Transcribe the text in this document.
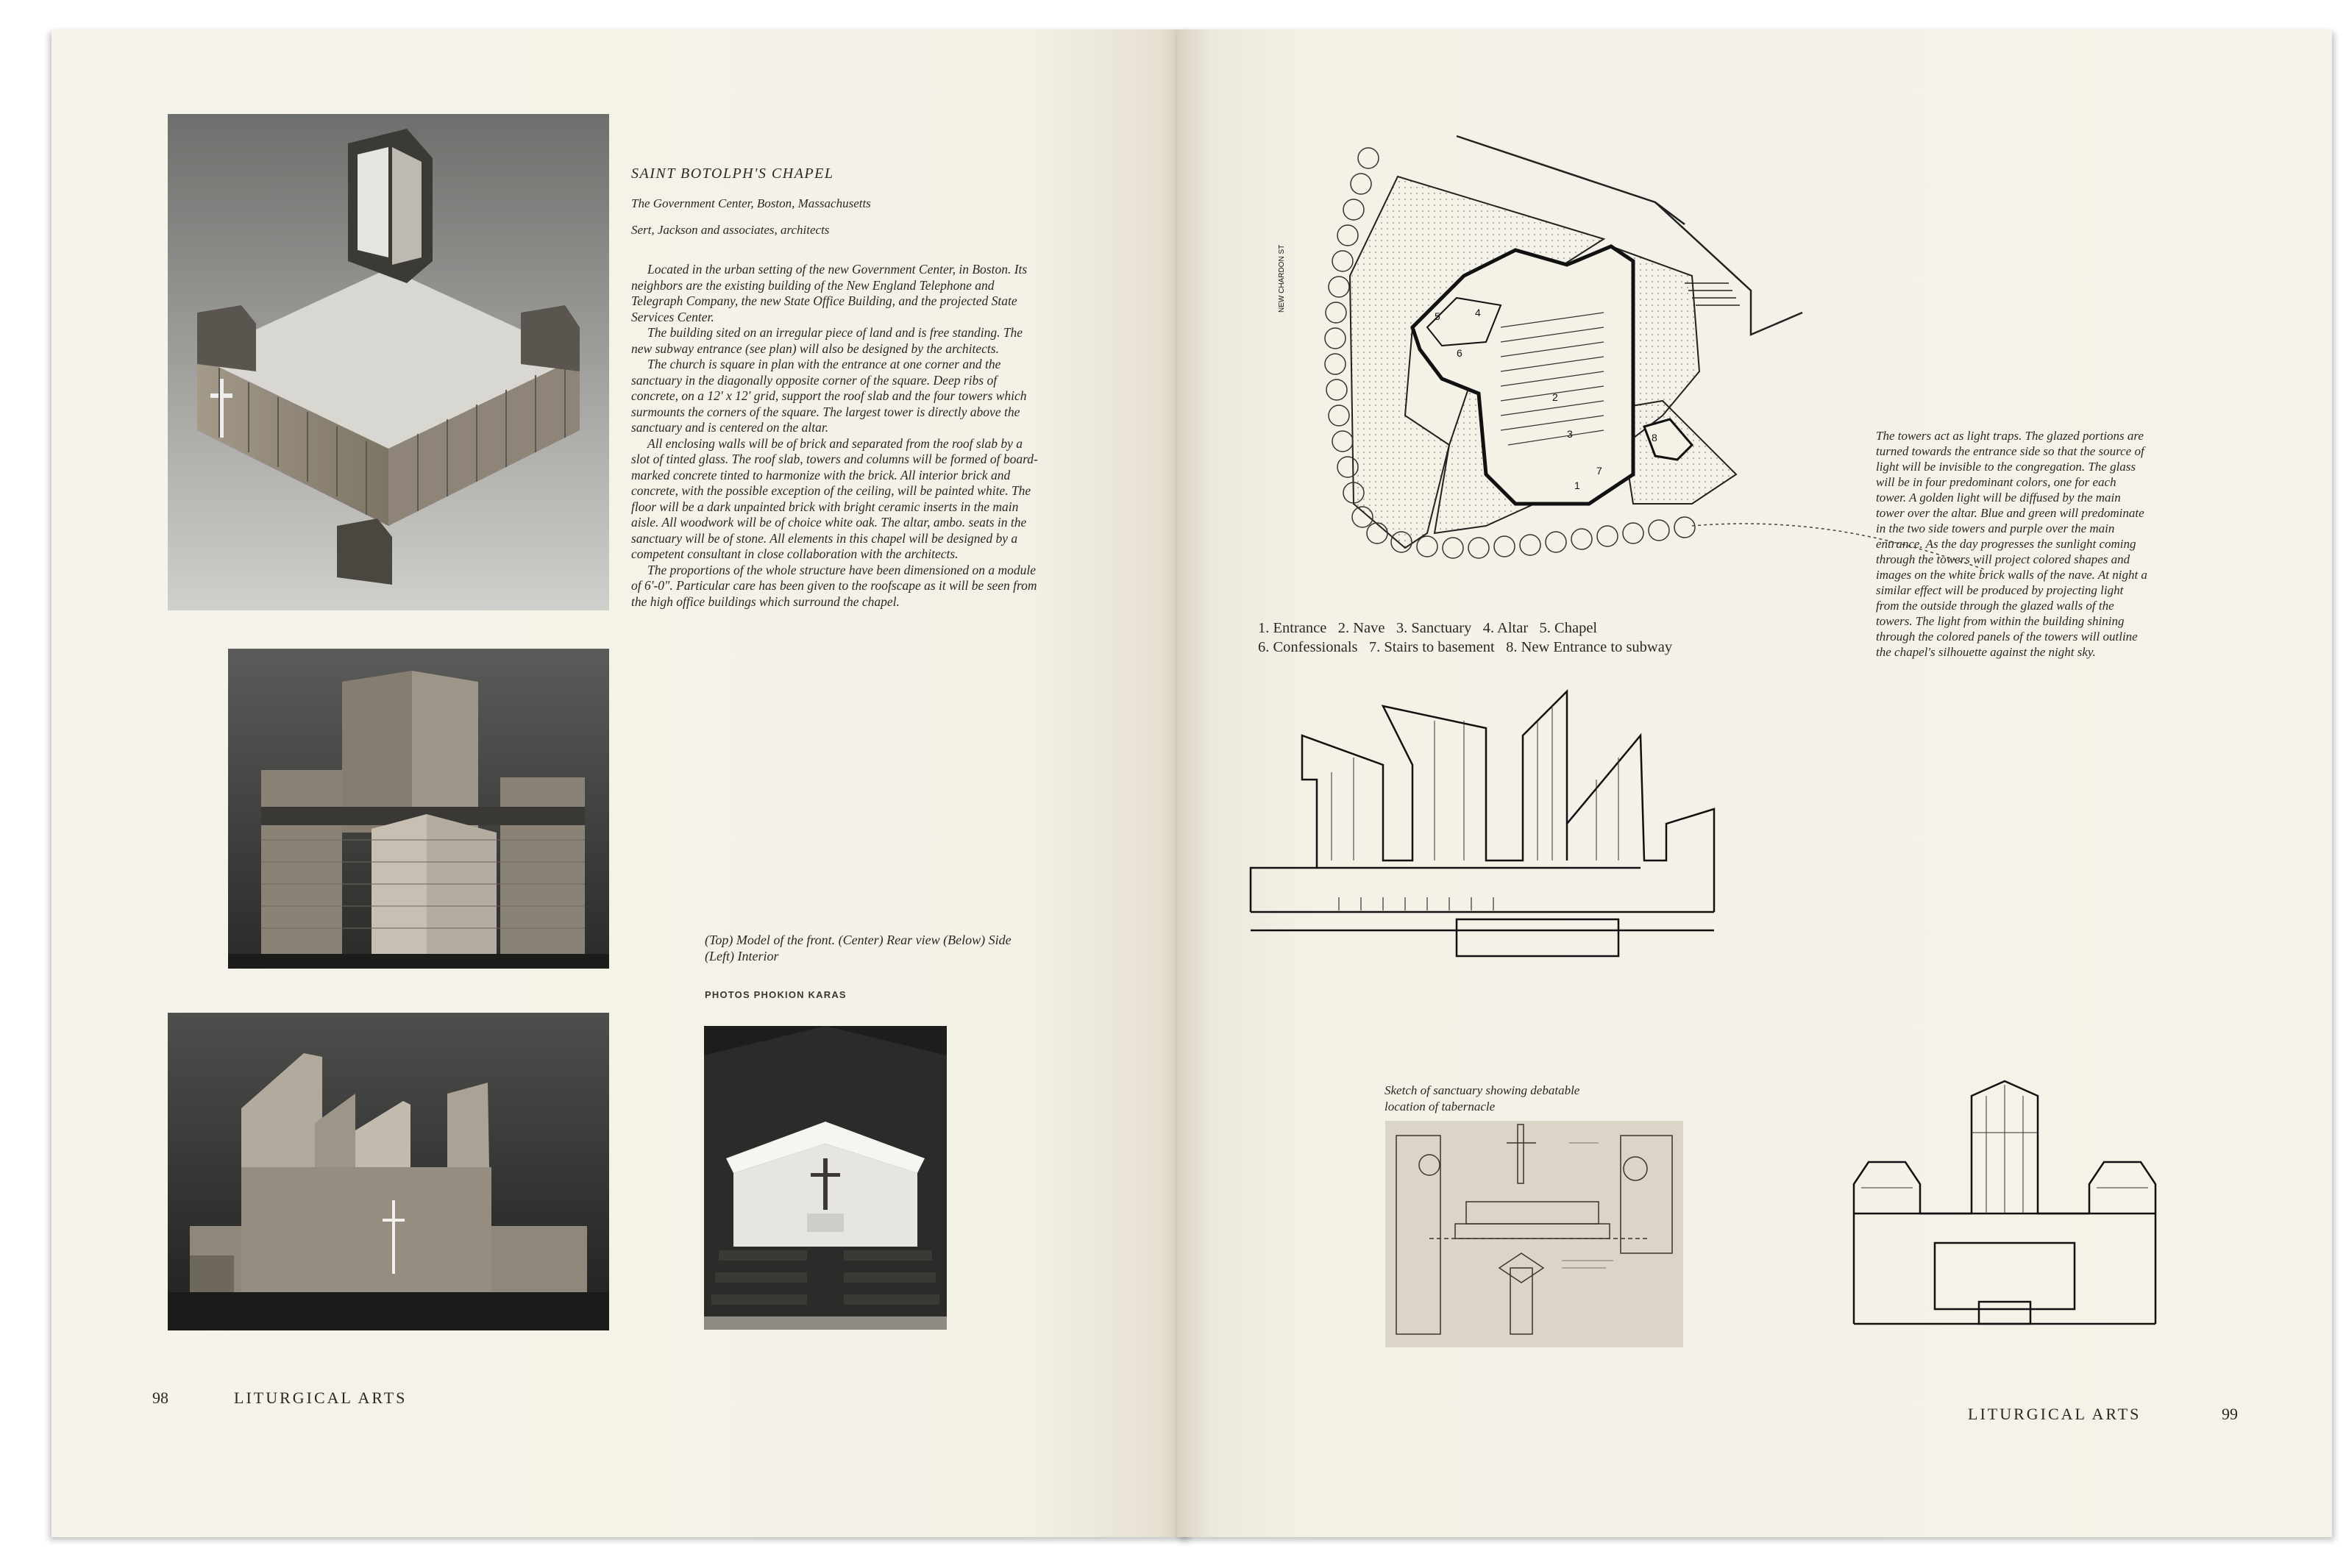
SAINT BOTOLPH'S CHAPEL
The Government Center, Boston, Massachusetts
Sert, Jackson and associates, architects

Located in the urban setting of the new Government Center, in Boston. Its neighbors are the existing building of the New England Telephone and Telegraph Company, the new State Office Building, and the projected State Services Center.

The building sited on an irregular piece of land and is free standing. The new subway entrance (see plan) will also be designed by the architects.

The church is square in plan with the entrance at one corner and the sanctuary in the diagonally opposite corner of the square. Deep ribs of concrete, on a 12' x 12' grid, support the roof slab and the four towers which surmounts the corners of the square. The largest tower is directly above the sanctuary and is centered on the altar.

All enclosing walls will be of brick and separated from the roof slab by a slot of tinted glass. The roof slab, towers and columns will be formed of board-marked concrete tinted to harmonize with the brick. All interior brick and concrete, with the possible exception of the ceiling, will be painted white. The floor will be a dark unpainted brick with bright ceramic inserts in the main aisle. All woodwork will be of choice white oak. The altar, ambo. seats in the sanctuary will be of stone. All elements in this chapel will be designed by a competent consultant in close collaboration with the architects.

The proportions of the whole structure have been dimensioned on a module of 6'-0". Particular care has been given to the roofscape as it will be seen from the high office buildings which surround the chapel.

(Top) Model of the front. (Center) Rear view (Below) Side (Left) Interior
PHOTOS PHOKION KARAS
98	LITURGICAL ARTS
1
2
3
4
5
6
7
8
NEW CHARDON ST
1. Entrance   2. Nave   3. Sanctuary   4. Altar   5. Chapel
6. Confessionals   7. Stairs to basement   8. New Entrance to subway
The towers act as light traps. The glazed portions are turned towards the entrance side so that the source of light will be invisible to the congregation. The glass will be in four predominant colors, one for each tower. A golden light will be diffused by the main tower over the altar. Blue and green will predominate in the two side towers and purple over the main entrance. As the day progresses the sunlight coming through the towers will project colored shapes and images on the white brick walls of the nave. At night a similar effect will be produced by projecting light from the outside through the glazed walls of the towers. The light from within the building shining through the colored panels of the towers will outline the chapel's silhouette against the night sky.
Sketch of sanctuary showing debatable
location of tabernacle
LITURGICAL ARTS	99
